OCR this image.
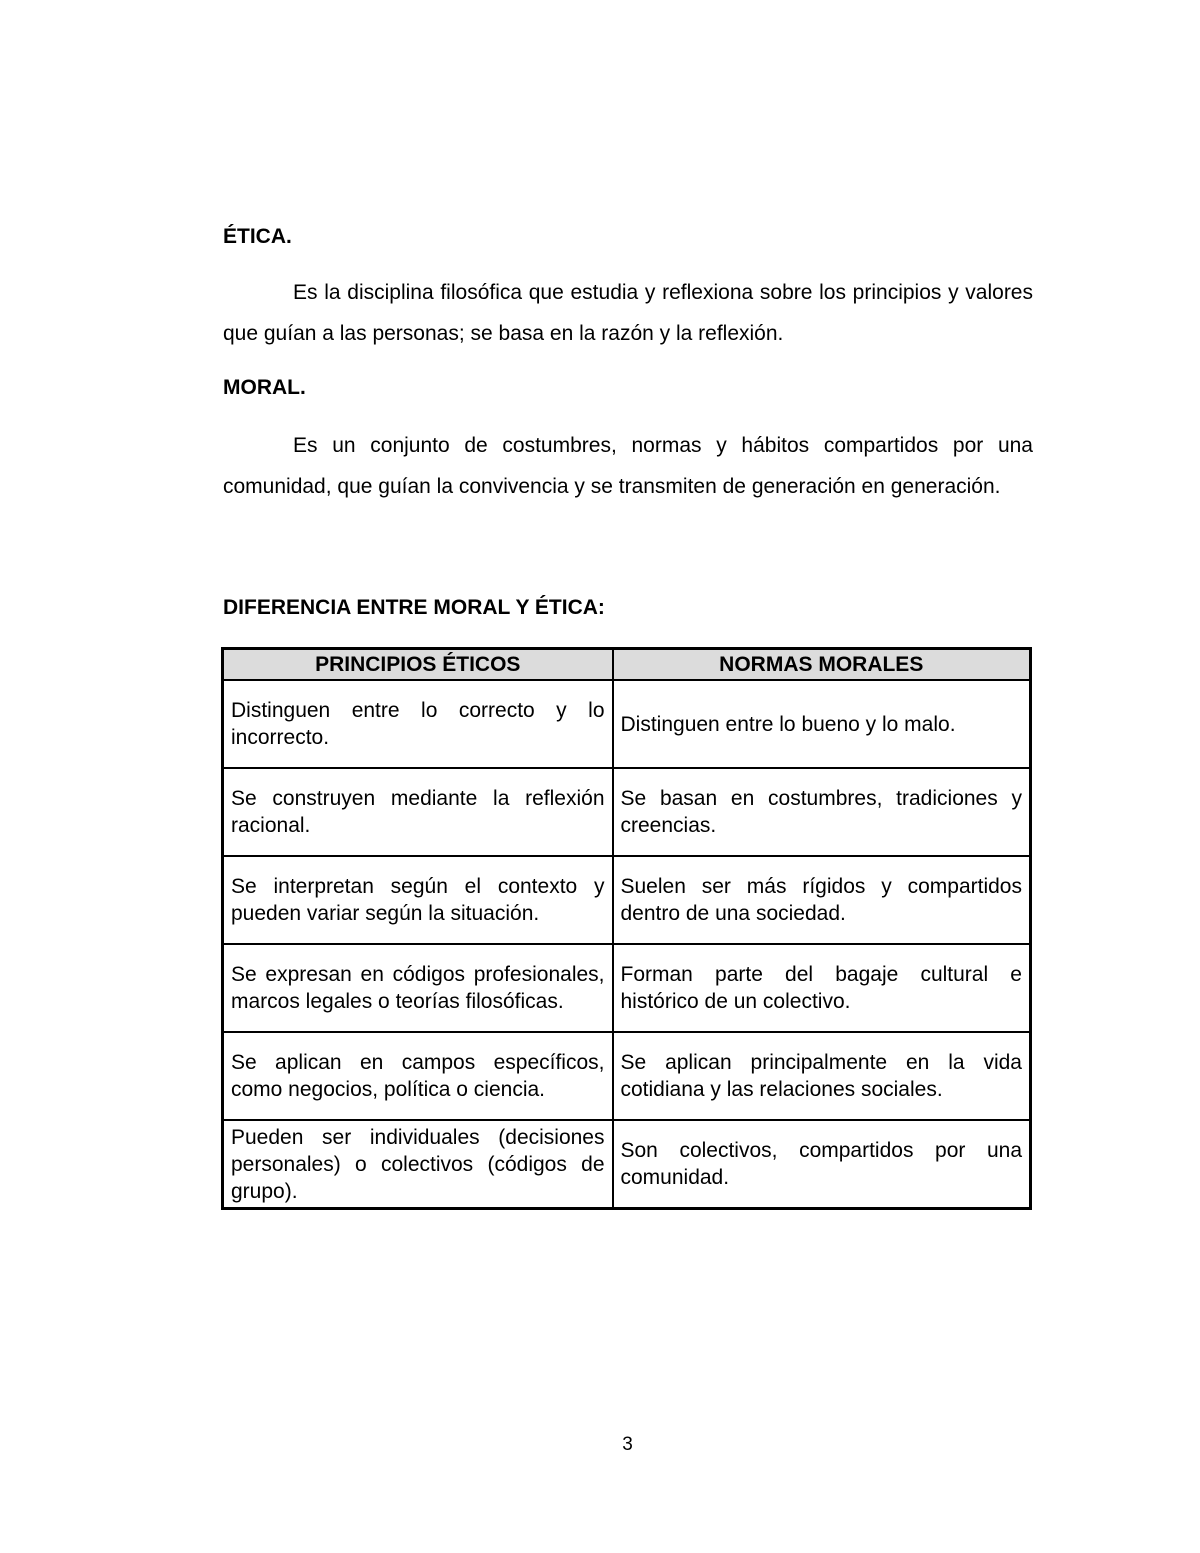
ÉTICA.

Es la disciplina filosófica que estudia y reflexiona sobre los principios y valores que guían a las personas; se basa en la razón y la reflexión.

MORAL.

Es un conjunto de costumbres, normas y hábitos compartidos por una comunidad, que guían la convivencia y se transmiten de generación en generación.

DIFERENCIA ENTRE MORAL Y ÉTICA:

PRINCIPIOS ÉTICOS	NORMAS MORALES
Distinguen entre lo correcto y lo incorrecto.	Distinguen entre lo bueno y lo malo.
Se construyen mediante la reflexión racional.	Se basan en costumbres, tradiciones y creencias.
Se interpretan según el contexto y pueden variar según la situación.	Suelen ser más rígidos y compartidos dentro de una sociedad.
Se expresan en códigos profesionales, marcos legales o teorías filosóficas.	Forman parte del bagaje cultural e histórico de un colectivo.
Se aplican en campos específicos, como negocios, política o ciencia.	Se aplican principalmente en la vida cotidiana y las relaciones sociales.
Pueden ser individuales (decisiones personales) o colectivos (códigos de grupo).	Son colectivos, compartidos por una comunidad.
3
